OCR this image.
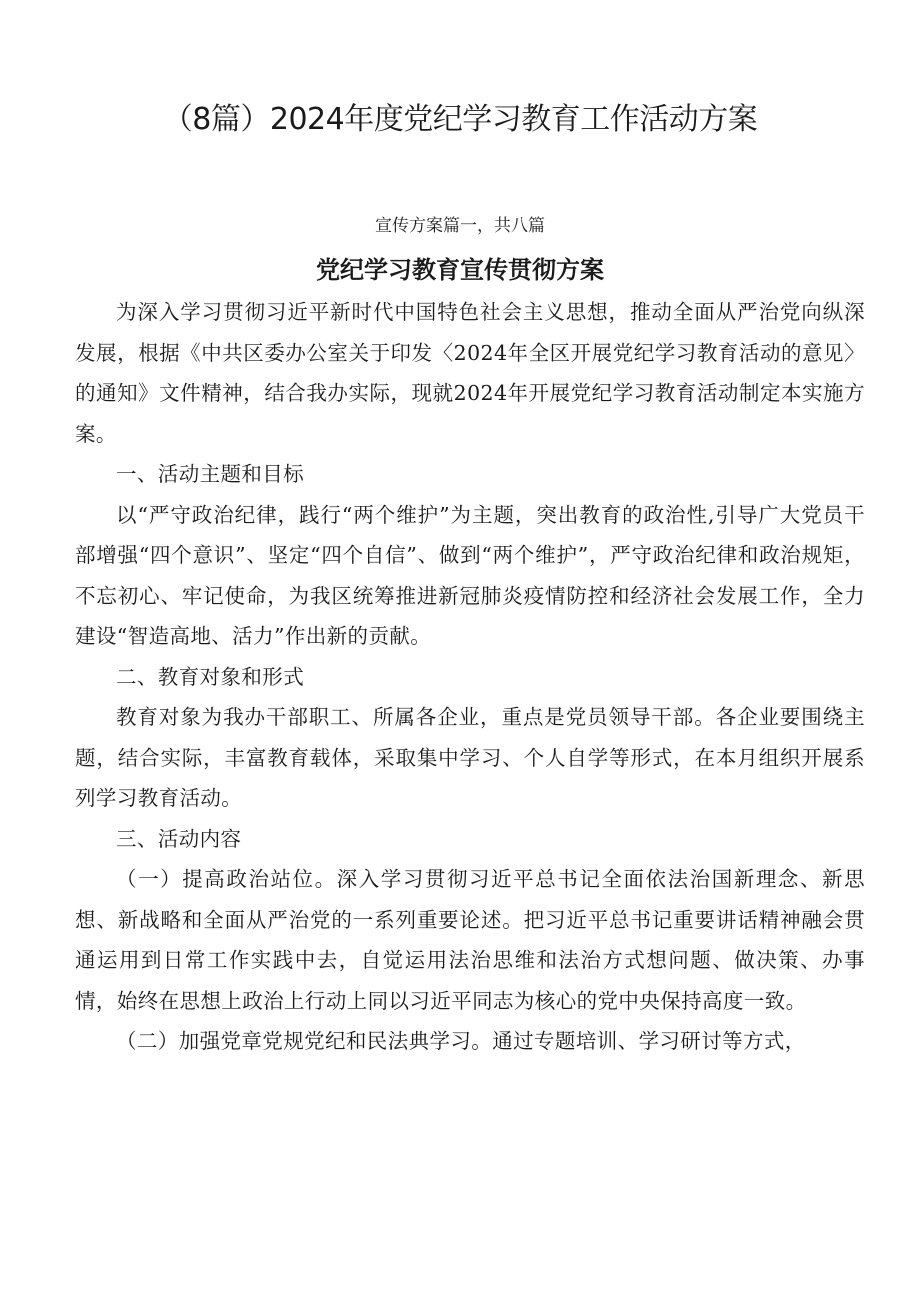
（8篇）2024年度党纪学习教育工作活动方案
宣传方案篇一，共八篇
党纪学习教育宣传贯彻方案

为深入学习贯彻习近平新时代中国特色社会主义思想，推动全面从严治党向纵深发展，根据《中共区委办公室关于印发〈2024年全区开展党纪学习教育活动的意见〉的通知》文件精神，结合我办实际，现就2024年开展党纪学习教育活动制定本实施方案。

一、活动主题和目标

以“严守政治纪律，践行“两个维护”为主题，突出教育的政治性,引导广大党员干部增强“四个意识”、坚定“四个自信”、做到“两个维护”，严守政治纪律和政治规矩，不忘初心、牢记使命，为我区统筹推进新冠肺炎疫情防控和经济社会发展工作，全力建设“智造高地、活力”作出新的贡献。

二、教育对象和形式

教育对象为我办干部职工、所属各企业，重点是党员领导干部。各企业要围绕主题，结合实际，丰富教育载体，采取集中学习、个人自学等形式，在本月组织开展系列学习教育活动。

三、活动内容

（一）提高政治站位。深入学习贯彻习近平总书记全面依法治国新理念、新思想、新战略和全面从严治党的一系列重要论述。把习近平总书记重要讲话精神融会贯通运用到日常工作实践中去，自觉运用法治思维和法治方式想问题、做决策、办事情，始终在思想上政治上行动上同以习近平同志为核心的党中央保持高度一致。

（二）加强党章党规党纪和民法典学习。通过专题培训、学习研讨等方式，
